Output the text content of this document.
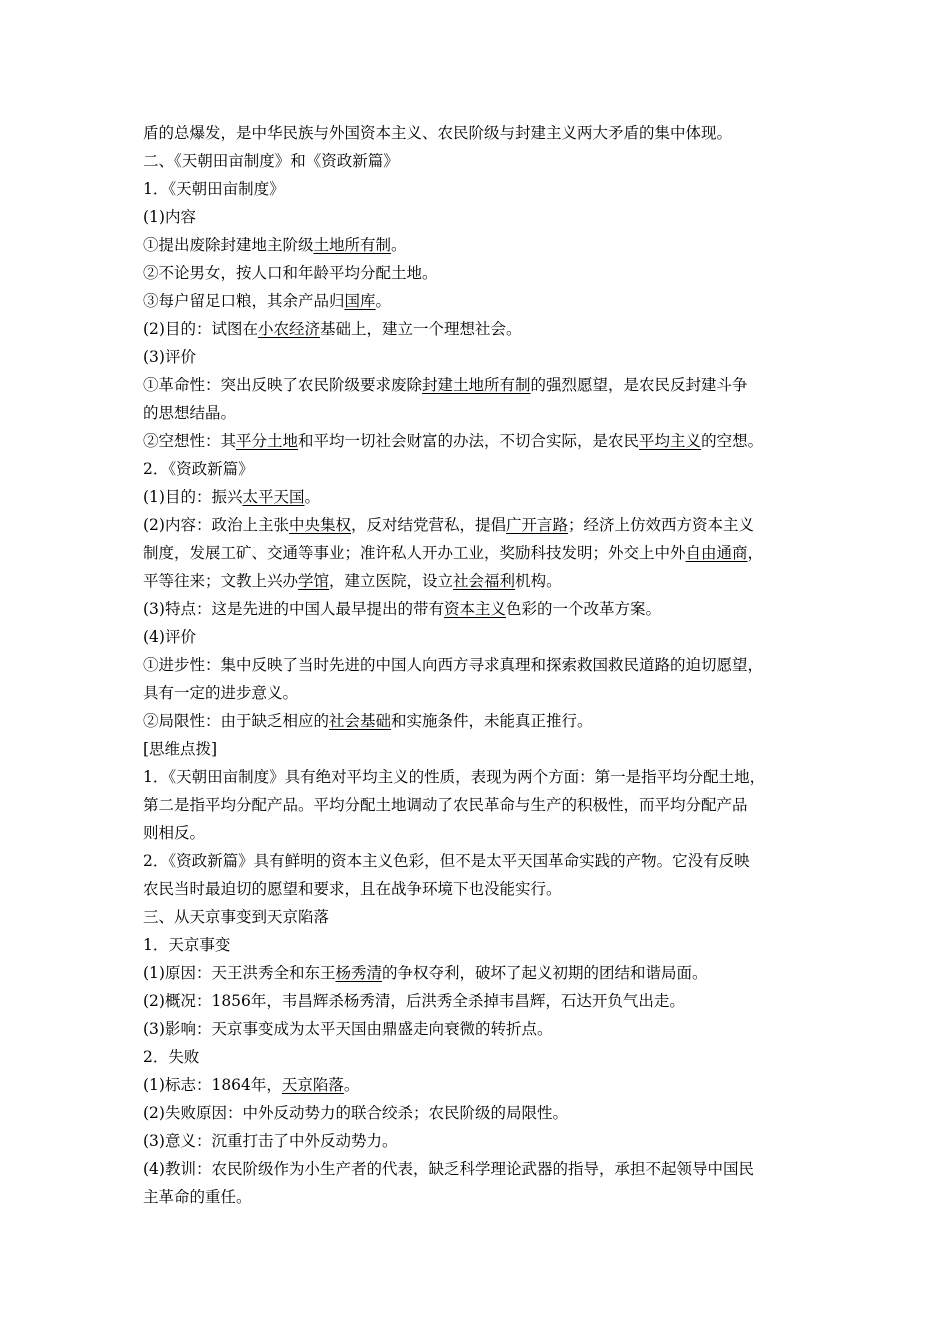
盾的总爆发，是中华民族与外国资本主义、农民阶级与封建主义两大矛盾的集中体现。
二、《天朝田亩制度》和《资政新篇》
1．《天朝田亩制度》
(1)内容
①提出废除封建地主阶级土地所有制。
②不论男女，按人口和年龄平均分配土地。
③每户留足口粮，其余产品归国库。
(2)目的：试图在小农经济基础上，建立一个理想社会。
(3)评价
①革命性：突出反映了农民阶级要求废除封建土地所有制的强烈愿望，是农民反封建斗争
的思想结晶。
②空想性：其平分土地和平均一切社会财富的办法，不切合实际，是农民平均主义的空想。
2．《资政新篇》
(1)目的：振兴太平天国。
(2)内容：政治上主张中央集权，反对结党营私，提倡广开言路；经济上仿效西方资本主义
制度，发展工矿、交通等事业；准许私人开办工业，奖励科技发明；外交上中外自由通商，
平等往来；文教上兴办学馆，建立医院，设立社会福利机构。
(3)特点：这是先进的中国人最早提出的带有资本主义色彩的一个改革方案。
(4)评价
①进步性：集中反映了当时先进的中国人向西方寻求真理和探索救国救民道路的迫切愿望，
具有一定的进步意义。
②局限性：由于缺乏相应的社会基础和实施条件，未能真正推行。
[思维点拨]
1．《天朝田亩制度》具有绝对平均主义的性质，表现为两个方面：第一是指平均分配土地，
第二是指平均分配产品。平均分配土地调动了农民革命与生产的积极性，而平均分配产品
则相反。
2．《资政新篇》具有鲜明的资本主义色彩，但不是太平天国革命实践的产物。它没有反映
农民当时最迫切的愿望和要求，且在战争环境下也没能实行。
三、从天京事变到天京陷落
1．天京事变
(1)原因：天王洪秀全和东王杨秀清的争权夺利，破坏了起义初期的团结和谐局面。
(2)概况：1856年，韦昌辉杀杨秀清，后洪秀全杀掉韦昌辉，石达开负气出走。
(3)影响：天京事变成为太平天国由鼎盛走向衰微的转折点。
2．失败
(1)标志：1864年，天京陷落。
(2)失败原因：中外反动势力的联合绞杀；农民阶级的局限性。
(3)意义：沉重打击了中外反动势力。
(4)教训：农民阶级作为小生产者的代表，缺乏科学理论武器的指导，承担不起领导中国民
主革命的重任。
